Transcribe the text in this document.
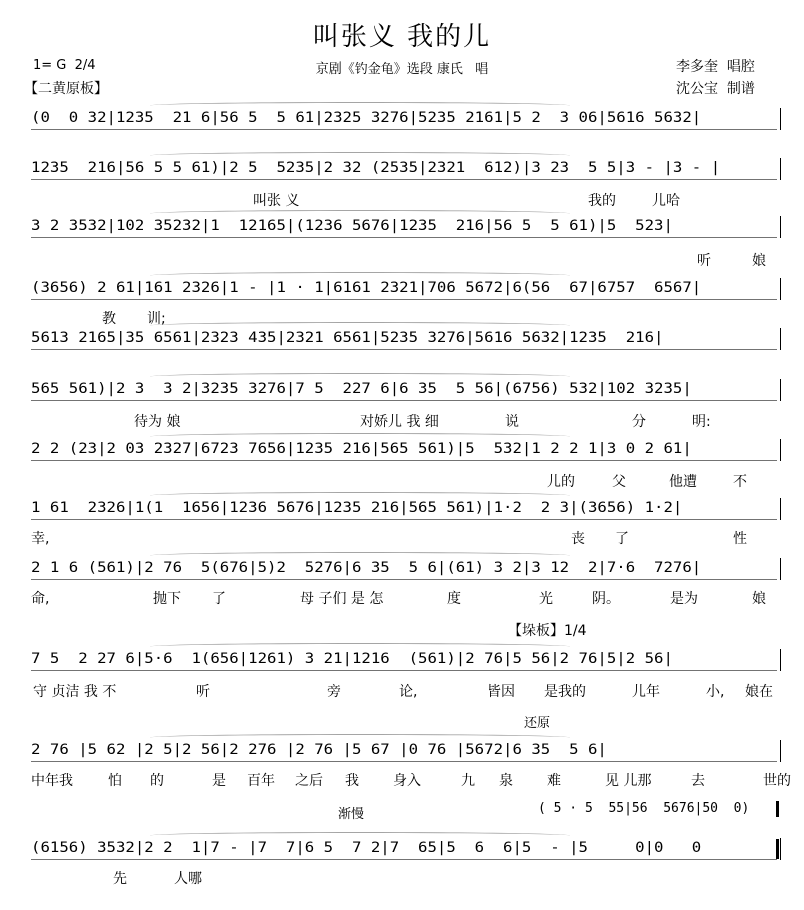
叫张义 我的儿
1= G  2/4	京剧《钓金龟》选段 康氏   唱	李多奎  唱腔
沈公宝  制谱
【二黄原板】
(0  0 32|1235  21 6|56 5  5 61|2325 3276|5235 2161|5 2  3 06|5616 5632|
1235  216|56 5 5 61)|2 5  5235|2 32 (2535|2321  612)|3 23  5 5|3 - |3 - |
叫张 义	我的	儿哈
3 2 3532|102 35232|1  12165|(1236 5676|1235  216|56 5  5 61)|5  523|
听	娘
(3656) 2 61|161 2326|1 - |1 · 1|6161 2321|706 5672|6(56  67|6757  6567|
教 训;
5613 2165|35 6561|2323 435|2321 6561|5235 3276|5616 5632|1235  216|
565 561)|2 3  3 2|3235 3276|7 5  227 6|6 35  5 56|(6756) 532|102 3235|
待为 娘	对娇儿 我 细	说	分	明:
2 2 (23|2 03 2327|6723 7656|1235 216|565 561)|5  532|1 2 2 1|3 0 2 61|
儿的	父	他遭	不
1 61  2326|1(1  1656|1236 5676|1235 216|565 561)|1·2  2 3|(3656) 1·2|
幸,	丧 了	性
2 1 6 (561)|2 76  5(676|5)2  5276|6 35  5 6|(61) 3 2|3 12  2|7·6  7276|
命,	抛下 了	母 子们 是 怎	度	光	阴。	是为	娘
7 5  2 27 6|5·6  1(656|1261) 3 21|1216  (561)|2 76|5 56|2 76|5|2 56|
守 贞洁 我 不	听	旁	论,	皆因 是我的	儿年	小, 娘在
2 76 |5 62 |2 5|2 56|2 276 |2 76 |5 67 |0 76 |5672|6 35  5 6|
中年我	怕 的	是 百年 之后 我 身入	九 泉 难	见 儿那	去	世的
(6156) 3532|2 2  1|7 - |7  7|6 5  7 2|7  65|5  6  6|5  - |5     0|0   0
先	人哪
【垛板】1/4
还原
渐慢	( 5 · 5  55|56  5676|50  0)
